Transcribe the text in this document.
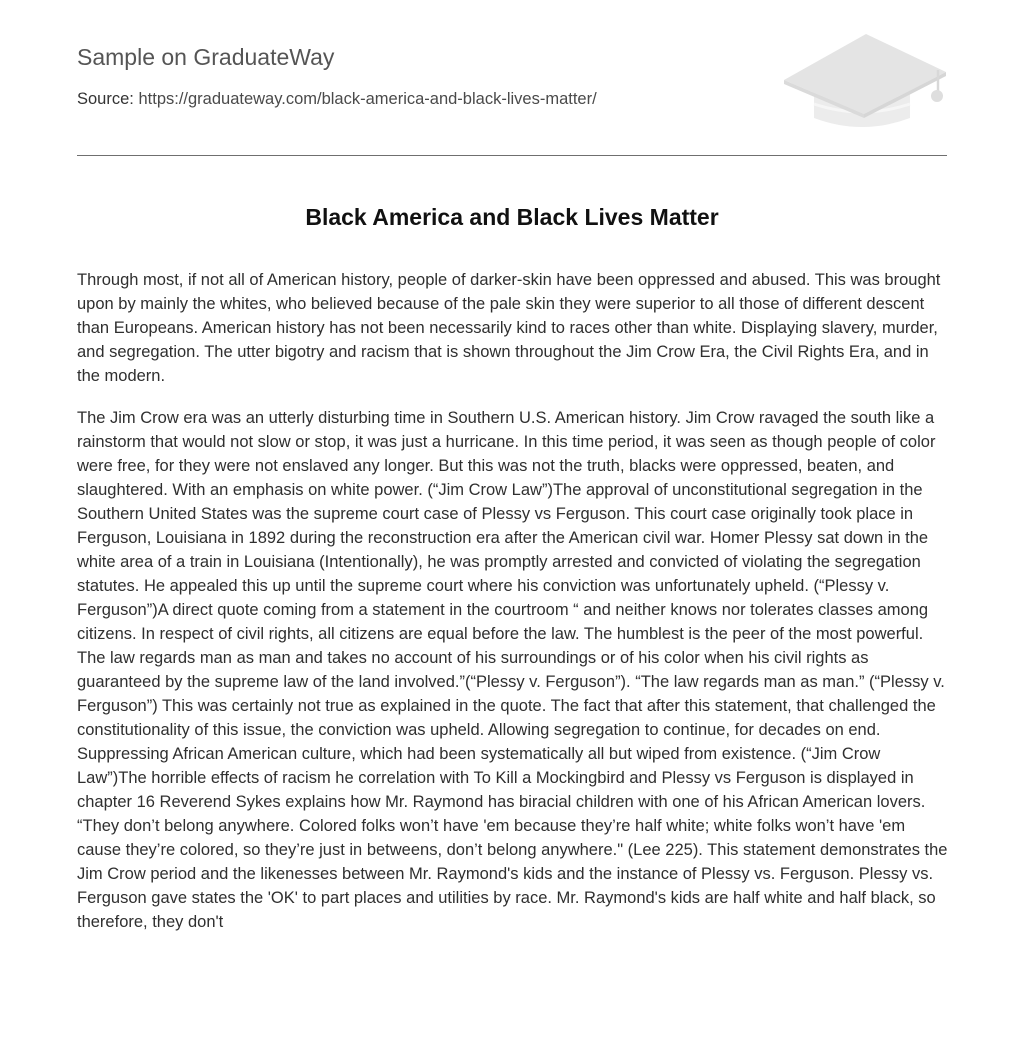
Sample on GraduateWay
Source: https://graduateway.com/black-america-and-black-lives-matter/
Black America and Black Lives Matter

Through most, if not all of American history, people of darker-skin have been oppressed and abused. This was brought upon by mainly the whites, who believed because of the pale skin they were superior to all those of different descent than Europeans. American history has not been necessarily kind to races other than white. Displaying slavery, murder, and segregation. The utter bigotry and racism that is shown throughout the Jim Crow Era, the Civil Rights Era, and in the modern.

The Jim Crow era was an utterly disturbing time in Southern U.S. American history. Jim Crow ravaged the south like a rainstorm that would not slow or stop, it was just a hurricane. In this time period, it was seen as though people of color were free, for they were not enslaved any longer. But this was not the truth, blacks were oppressed, beaten, and slaughtered. With an emphasis on white power. (“Jim Crow Law”)The approval of unconstitutional segregation in the Southern United States was the supreme court case of Plessy vs Ferguson. This court case originally took place in Ferguson, Louisiana in 1892 during the reconstruction era after the American civil war. Homer Plessy sat down in the white area of a train in Louisiana (Intentionally), he was promptly arrested and convicted of violating the segregation statutes. He appealed this up until the supreme court where his conviction was unfortunately upheld. (“Plessy v. Ferguson”)A direct quote coming from a statement in the courtroom “ and neither knows nor tolerates classes among citizens. In respect of civil rights, all citizens are equal before the law. The humblest is the peer of the most powerful. The law regards man as man and takes no account of his surroundings or of his color when his civil rights as guaranteed by the supreme law of the land involved.”(“Plessy v. Ferguson”). “The law regards man as man.” (“Plessy v. Ferguson”) This was certainly not true as explained in the quote. The fact that after this statement, that challenged the constitutionality of this issue, the conviction was upheld. Allowing segregation to continue, for decades on end. Suppressing African American culture, which had been systematically all but wiped from existence. (“Jim Crow Law”)The horrible effects of racism he correlation with To Kill a Mockingbird and Plessy vs Ferguson is displayed in chapter 16 Reverend Sykes explains how Mr. Raymond has biracial children with one of his African American lovers. “They don’t belong anywhere. Colored folks won’t have 'em because they’re half white; white folks won’t have 'em cause they’re colored, so they’re just in betweens, don’t belong anywhere." (Lee 225). This statement demonstrates the Jim Crow period and the likenesses between Mr. Raymond's kids and the instance of Plessy vs. Ferguson. Plessy vs. Ferguson gave states the 'OK' to part places and utilities by race. Mr. Raymond's kids are half white and half black, so therefore, they don't
